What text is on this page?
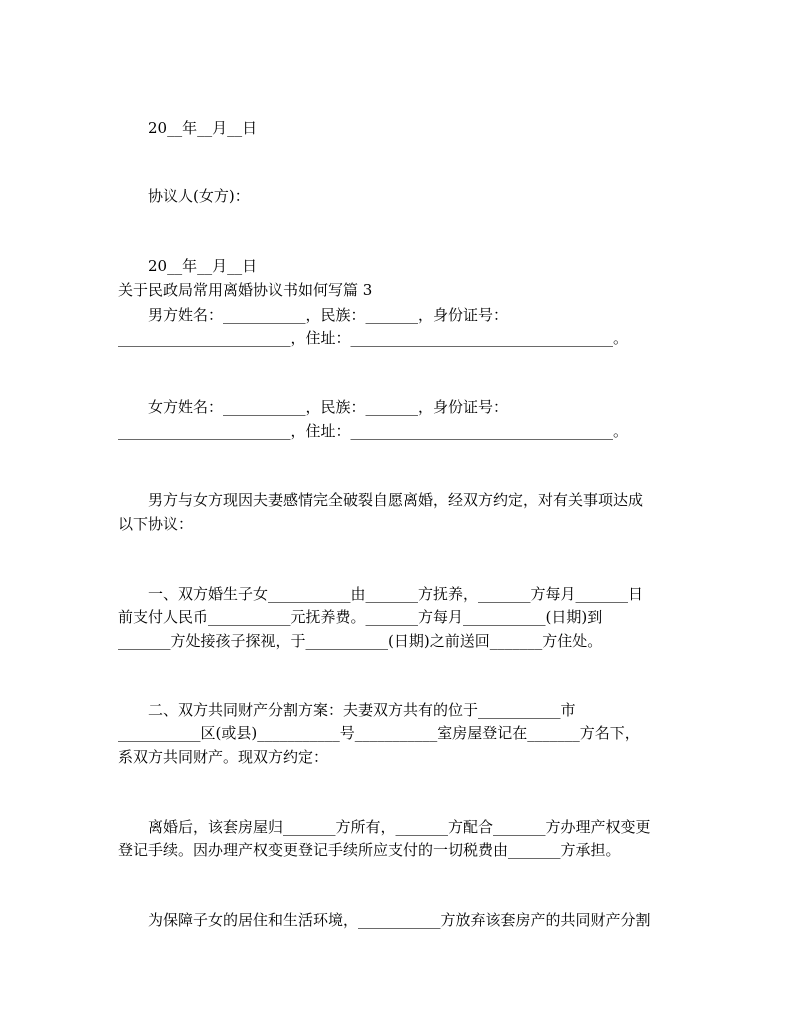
20__年__月__日
协议人(女方)：
20__年__月__日
关于民政局常用离婚协议书如何写篇 3
男方姓名：___________，民族：_______，身份证号：
_______________________，住址：___________________________________。
女方姓名：___________，民族：_______，身份证号：
_______________________，住址：___________________________________。
男方与女方现因夫妻感情完全破裂自愿离婚，经双方约定，对有关事项达成
以下协议：
一、双方婚生子女___________由_______方抚养，_______方每月_______日
前支付人民币___________元抚养费。_______方每月___________(日期)到
_______方处接孩子探视，于___________(日期)之前送回_______方住处。
二、双方共同财产分割方案：夫妻双方共有的位于___________市
___________区(或县)___________号___________室房屋登记在_______方名下，
系双方共同财产。现双方约定：
离婚后，该套房屋归_______方所有，_______方配合_______方办理产权变更
登记手续。因办理产权变更登记手续所应支付的一切税费由_______方承担。
为保障子女的居住和生活环境，___________方放弃该套房产的共同财产分割
